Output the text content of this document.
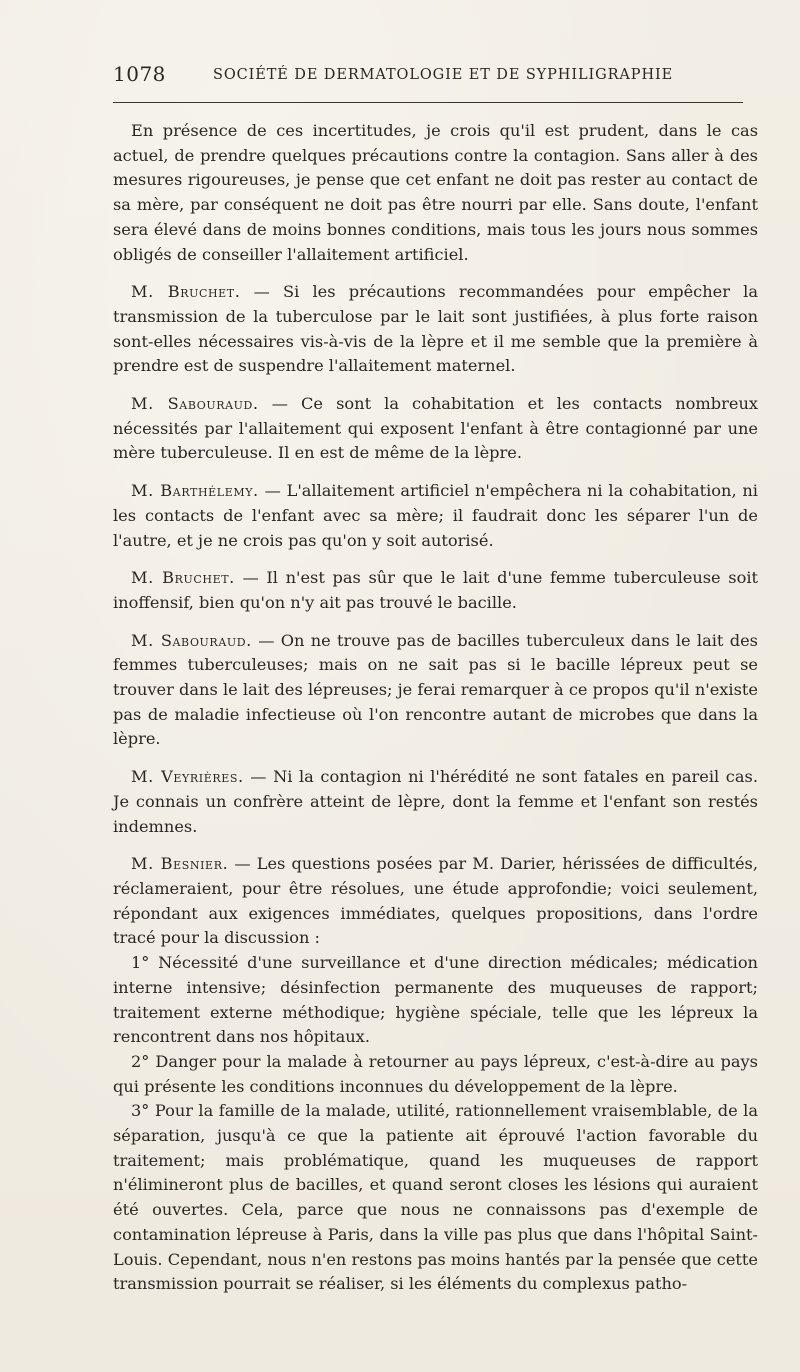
1078	SOCIÉTÉ DE DERMATOLOGIE ET DE SYPHILIGRAPHIE

En présence de ces incertitudes, je crois qu'il est prudent, dans le cas actuel, de prendre quelques précautions contre la contagion. Sans aller à des mesures rigoureuses, je pense que cet enfant ne doit pas rester au contact de sa mère, par conséquent ne doit pas être nourri par elle. Sans doute, l'enfant sera élevé dans de moins bonnes conditions, mais tous les jours nous sommes obligés de conseiller l'allaitement artificiel.

M. Bruchet. — Si les précautions recommandées pour empêcher la transmission de la tuberculose par le lait sont justifiées, à plus forte raison sont-elles nécessaires vis-à-vis de la lèpre et il me semble que la première à prendre est de suspendre l'allaitement maternel.

M. Sabouraud. — Ce sont la cohabitation et les contacts nombreux nécessités par l'allaitement qui exposent l'enfant à être contagionné par une mère tuberculeuse. Il en est de même de la lèpre.

M. Barthélemy. — L'allaitement artificiel n'empêchera ni la cohabitation, ni les contacts de l'enfant avec sa mère; il faudrait donc les séparer l'un de l'autre, et je ne crois pas qu'on y soit autorisé.

M. Bruchet. — Il n'est pas sûr que le lait d'une femme tuberculeuse soit inoffensif, bien qu'on n'y ait pas trouvé le bacille.

M. Sabouraud. — On ne trouve pas de bacilles tuberculeux dans le lait des femmes tuberculeuses; mais on ne sait pas si le bacille lépreux peut se trouver dans le lait des lépreuses; je ferai remarquer à ce propos qu'il n'existe pas de maladie infectieuse où l'on rencontre autant de microbes que dans la lèpre.

M. Veyrières. — Ni la contagion ni l'hérédité ne sont fatales en pareil cas. Je connais un confrère atteint de lèpre, dont la femme et l'enfant son restés indemnes.

M. Besnier. — Les questions posées par M. Darier, hérissées de difficultés, réclameraient, pour être résolues, une étude approfondie; voici seulement, répondant aux exigences immédiates, quelques propositions, dans l'ordre tracé pour la discussion :

1° Nécessité d'une surveillance et d'une direction médicales; médication interne intensive; désinfection permanente des muqueuses de rapport; traitement externe méthodique; hygiène spéciale, telle que les lépreux la rencontrent dans nos hôpitaux.

2° Danger pour la malade à retourner au pays lépreux, c'est-à-dire au pays qui présente les conditions inconnues du développement de la lèpre.

3° Pour la famille de la malade, utilité, rationnellement vraisemblable, de la séparation, jusqu'à ce que la patiente ait éprouvé l'action favorable du traitement; mais problématique, quand les muqueuses de rapport n'élimineront plus de bacilles, et quand seront closes les lésions qui auraient été ouvertes. Cela, parce que nous ne connaissons pas d'exemple de contamination lépreuse à Paris, dans la ville pas plus que dans l'hôpital Saint-Louis. Cependant, nous n'en restons pas moins hantés par la pensée que cette transmission pourrait se réaliser, si les éléments du complexus patho-
